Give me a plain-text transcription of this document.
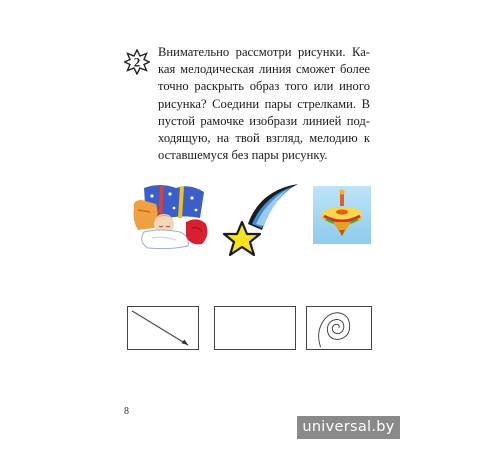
2

Внимательно рассмотри рисунки. Ка-
кая мелодическая линия сможет более
точно раскрыть образ того или иного
рисунка? Соедини пары стрелками. В
пустой рамочке изобрази линией под-
ходящую, на твой взгляд, мелодию к
оставшемуся без пары рисунку.

8
universal.by
